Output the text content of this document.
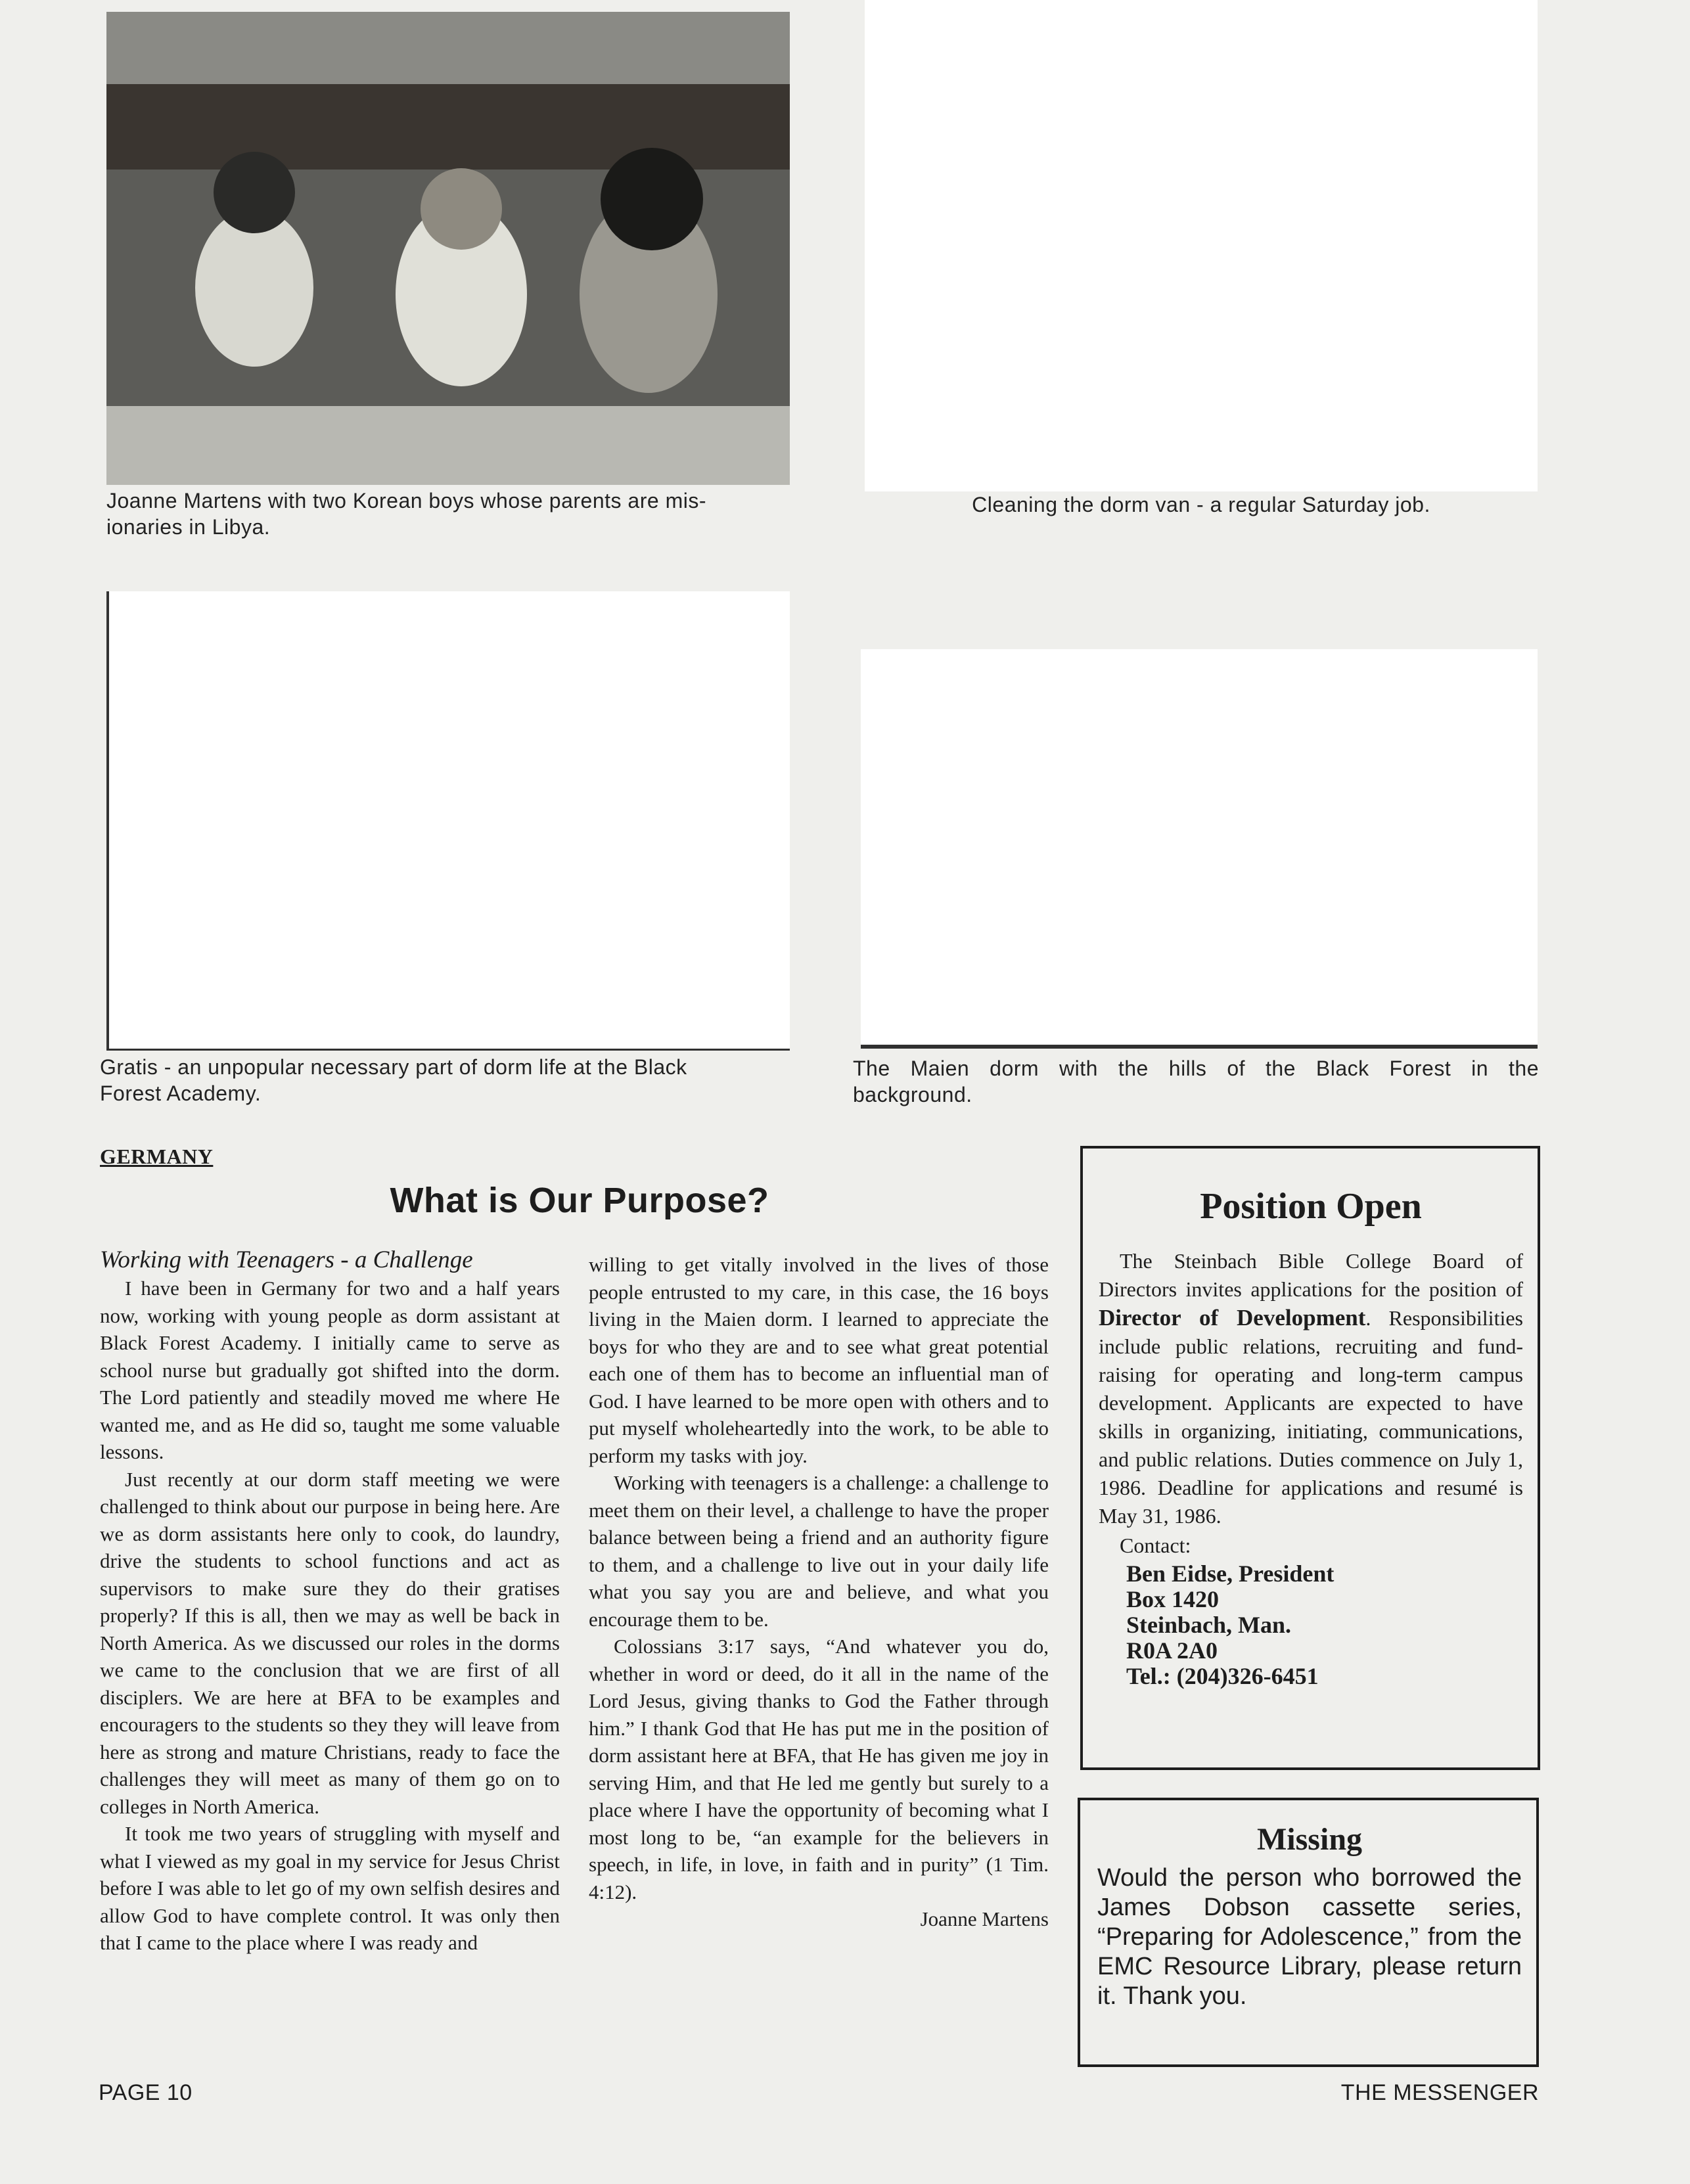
Joanne Martens with two Korean boys whose parents are mis-
ionaries in Libya.
Cleaning the dorm van - a regular Saturday job.
Gratis - an unpopular necessary part of dorm life at the Black
Forest Academy.
The Maien dorm with the hills of the Black Forest in the
background.
GERMANY
What is Our Purpose?

Working with Teenagers - a Challenge

I have been in Germany for two and a half years now, working with young people as dorm assistant at Black Forest Academy. I initially came to serve as school nurse but gradually got shifted into the dorm. The Lord patiently and steadily moved me where He wanted me, and as He did so, taught me some valuable lessons.

Just recently at our dorm staff meeting we were challenged to think about our purpose in being here. Are we as dorm assistants here only to cook, do laundry, drive the students to school functions and act as supervisors to make sure they do their gratises properly? If this is all, then we may as well be back in North America. As we discussed our roles in the dorms we came to the conclusion that we are first of all disciplers. We are here at BFA to be examples and encouragers to the students so they they will leave from here as strong and mature Christians, ready to face the challenges they will meet as many of them go on to colleges in North America.

It took me two years of struggling with myself and what I viewed as my goal in my service for Jesus Christ before I was able to let go of my own selfish desires and allow God to have complete control. It was only then that I came to the place where I was ready and

willing to get vitally involved in the lives of those people entrusted to my care, in this case, the 16 boys living in the Maien dorm. I learned to appreciate the boys for who they are and to see what great potential each one of them has to become an influential man of God. I have learned to be more open with others and to put myself wholeheartedly into the work, to be able to perform my tasks with joy.

Working with teenagers is a challenge: a challenge to meet them on their level, a challenge to have the proper balance between being a friend and an authority figure to them, and a challenge to live out in your daily life what you say you are and believe, and what you encourage them to be.

Colossians 3:17 says, “And whatever you do, whether in word or deed, do it all in the name of the Lord Jesus, giving thanks to God the Father through him.” I thank God that He has put me in the position of dorm assistant here at BFA, that He has given me joy in serving Him, and that He led me gently but surely to a place where I have the opportunity of becoming what I most long to be, “an example for the believers in speech, in life, in love, in faith and in purity” (1 Tim. 4:12).

Joanne Martens

Position Open

The Steinbach Bible College Board of Directors invites applications for the position of Director of Development. Responsibilities include public relations, recruiting and fund-raising for operating and long-term campus development. Applicants are expected to have skills in organizing, initiating, communications, and public relations. Duties commence on July 1, 1986. Deadline for applications and resumé is May 31, 1986.

Contact:

Ben Eidse, President
Box 1420
Steinbach, Man.
R0A 2A0
Tel.: (204)326-6451
Missing
Would the person who borrowed the James Dobson cassette series, “Preparing for Adolescence,” from the EMC Resource Library, please return it. Thank you.
PAGE 10	THE MESSENGER
